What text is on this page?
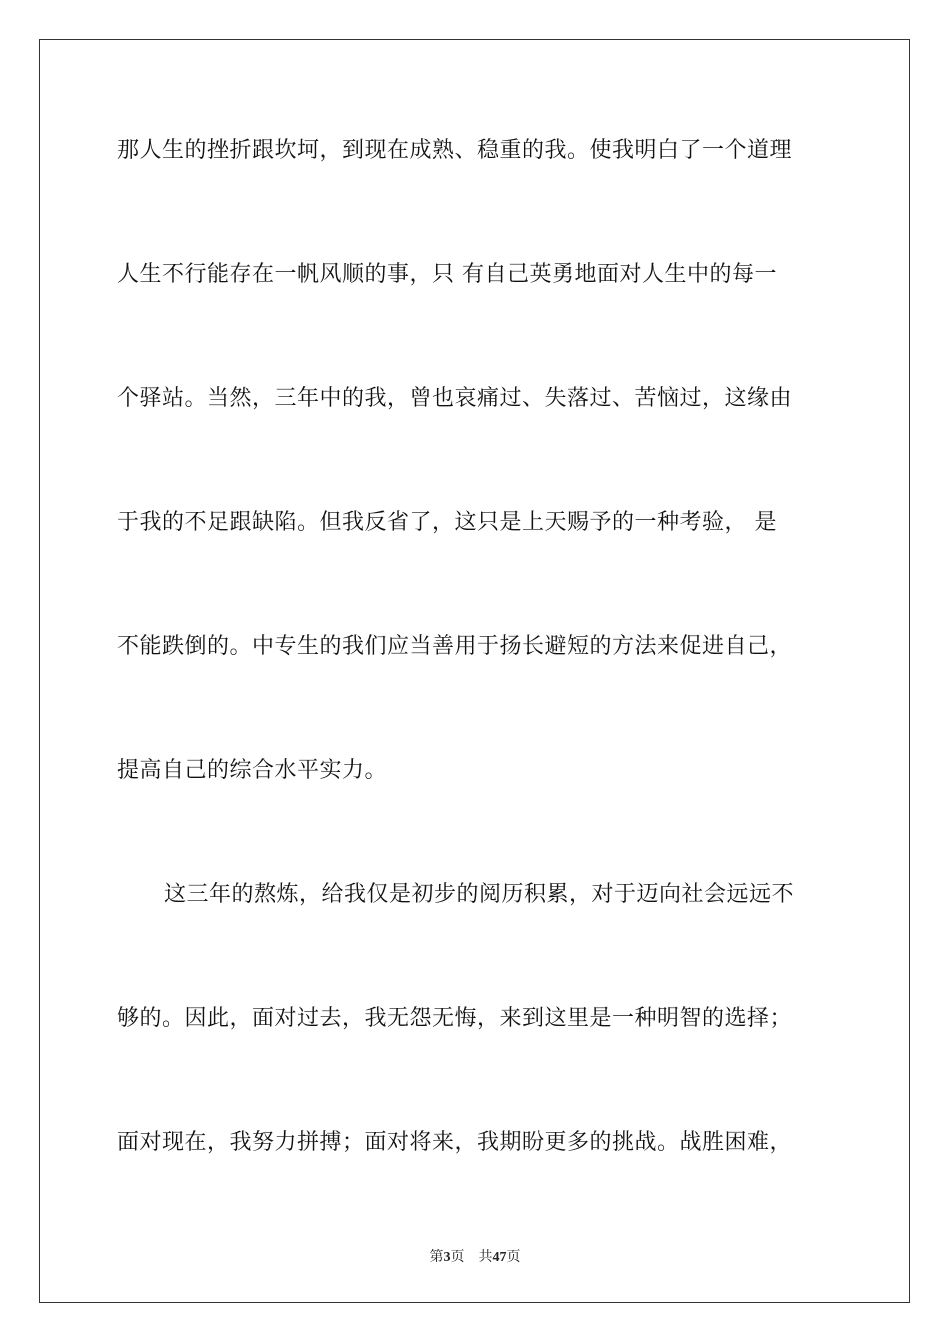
那人生的挫折跟坎坷，到现在成熟、稳重的我。使我明白了一个道理
人生不行能存在一帆风顺的事，只 有自己英勇地面对人生中的每一
个驿站。当然，三年中的我，曾也哀痛过、失落过、苦恼过，这缘由
于我的不足跟缺陷。但我反省了，这只是上天赐予的一种考验， 是
不能跌倒的。中专生的我们应当善用于扬长避短的方法来促进自己，
提高自己的综合水平实力。
这三年的熬炼，给我仅是初步的阅历积累，对于迈向社会远远不
够的。因此，面对过去，我无怨无悔，来到这里是一种明智的选择；
面对现在，我努力拼搏；面对将来，我期盼更多的挑战。战胜困难，
第3页 共47页
